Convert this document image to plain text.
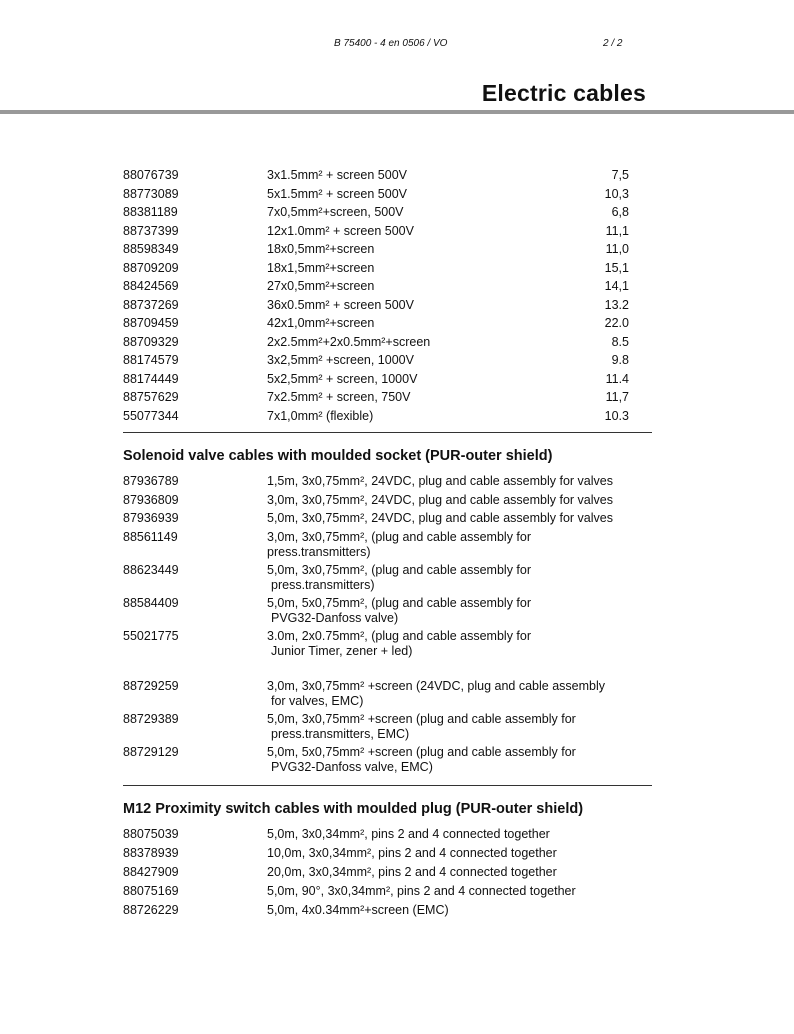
B 75400 - 4 en 0506 / VO	2 / 2
Electric cables
88076739	3x1.5mm² + screen 500V	7,5
88773089	5x1.5mm² + screen 500V	10,3
88381189	7x0,5mm²+screen, 500V	6,8
88737399	12x1.0mm² + screen 500V	11,1
88598349	18x0,5mm²+screen	11,0
88709209	18x1,5mm²+screen	15,1
88424569	27x0,5mm²+screen	14,1
88737269	36x0.5mm² + screen 500V	13.2
88709459	42x1,0mm²+screen	22.0
88709329	2x2.5mm²+2x0.5mm²+screen	8.5
88174579	3x2,5mm² +screen, 1000V	9.8
88174449	5x2,5mm² + screen, 1000V	11.4
88757629	7x2.5mm² + screen, 750V	11,7
55077344	7x1,0mm² (flexible)	10.3
Solenoid valve cables with moulded socket (PUR-outer shield)
87936789	1,5m, 3x0,75mm², 24VDC, plug and cable assembly for valves
87936809	3,0m, 3x0,75mm², 24VDC, plug and cable assembly for valves
87936939	5,0m, 3x0,75mm², 24VDC, plug and cable assembly for valves
88561149	3,0m, 3x0,75mm², (plug and cable assembly for
press.transmitters)
88623449	5,0m, 3x0,75mm², (plug and cable assembly for
press.transmitters)
88584409	5,0m, 5x0,75mm², (plug and cable assembly for
PVG32-Danfoss valve)
55021775	3.0m, 2x0.75mm², (plug and cable assembly for
Junior Timer, zener + led)
88729259	3,0m, 3x0,75mm² +screen (24VDC, plug and cable assembly
for valves, EMC)
88729389	5,0m, 3x0,75mm² +screen (plug and cable assembly for
press.transmitters, EMC)
88729129	5,0m, 5x0,75mm² +screen (plug and cable assembly for
PVG32-Danfoss valve, EMC)
M12 Proximity switch cables with moulded plug (PUR-outer shield)
88075039	5,0m, 3x0,34mm², pins 2 and 4 connected together
88378939	10,0m, 3x0,34mm², pins 2 and 4 connected together
88427909	20,0m, 3x0,34mm², pins 2 and 4 connected together
88075169	5,0m, 90°, 3x0,34mm², pins 2 and 4 connected together
88726229	5,0m, 4x0.34mm²+screen (EMC)
